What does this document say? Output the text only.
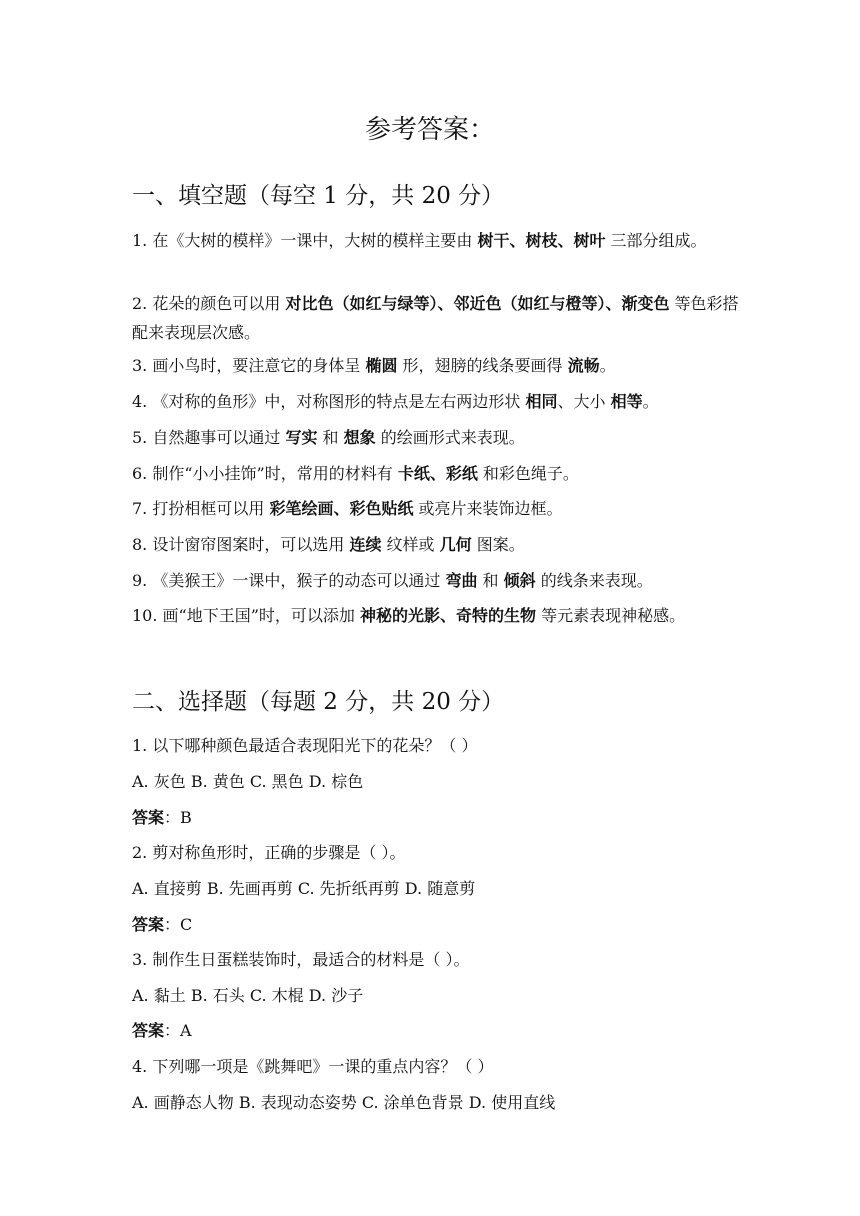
参考答案：
一、填空题（每空 1 分，共 20 分）
1. 在《大树的模样》一课中，大树的模样主要由 树干、树枝、树叶 三部分组成。
2. 花朵的颜色可以用 对比色（如红与绿等）、邻近色（如红与橙等）、渐变色 等色彩搭配来表现层次感。
3. 画小鸟时，要注意它的身体呈 椭圆 形，翅膀的线条要画得 流畅。
4. 《对称的鱼形》中，对称图形的特点是左右两边形状 相同、大小 相等。
5. 自然趣事可以通过 写实 和 想象 的绘画形式来表现。
6. 制作“小小挂饰”时，常用的材料有 卡纸、彩纸 和彩色绳子。
7. 打扮相框可以用 彩笔绘画、彩色贴纸 或亮片来装饰边框。
8. 设计窗帘图案时，可以选用 连续 纹样或 几何 图案。
9. 《美猴王》一课中，猴子的动态可以通过 弯曲 和 倾斜 的线条来表现。
10. 画“地下王国”时，可以添加 神秘的光影、奇特的生物 等元素表现神秘感。
二、选择题（每题 2 分，共 20 分）
1. 以下哪种颜色最适合表现阳光下的花朵？（ ）
A. 灰色 B. 黄色 C. 黑色 D. 棕色
答案：B
2. 剪对称鱼形时，正确的步骤是（ ）。
A. 直接剪 B. 先画再剪 C. 先折纸再剪 D. 随意剪
答案：C
3. 制作生日蛋糕装饰时，最适合的材料是（ ）。
A. 黏土 B. 石头 C. 木棍 D. 沙子
答案：A
4. 下列哪一项是《跳舞吧》一课的重点内容？（ ）
A. 画静态人物 B. 表现动态姿势 C. 涂单色背景 D. 使用直线
